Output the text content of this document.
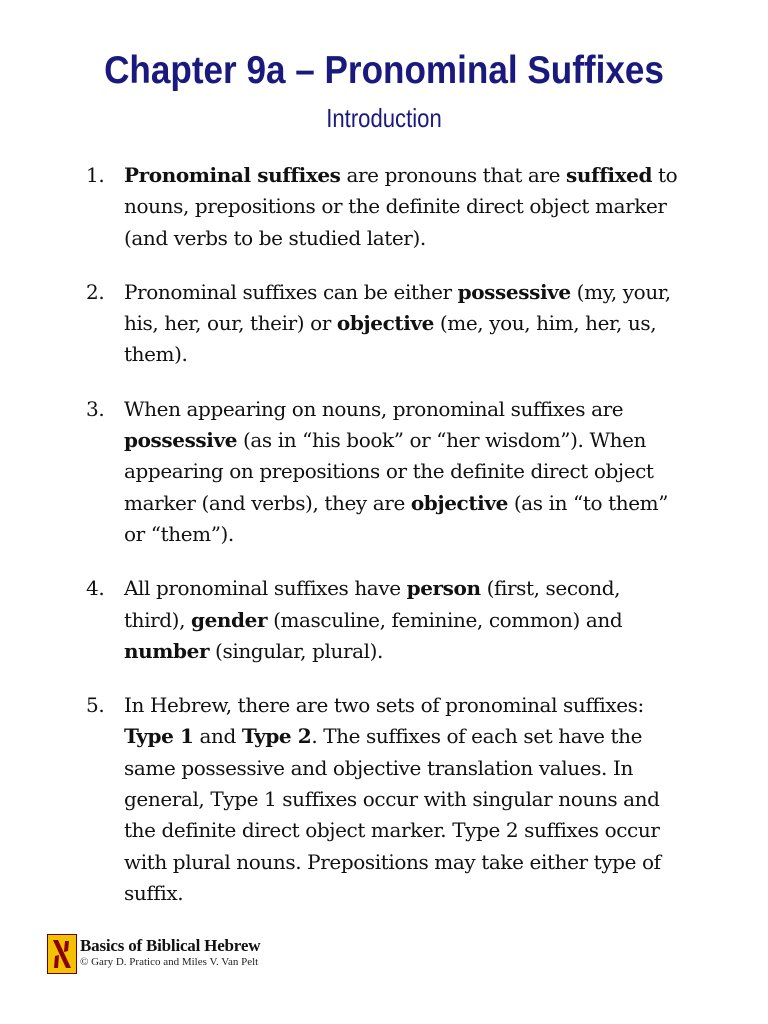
Chapter 9a – Pronominal Suffixes
Introduction
1. Pronominal suffixes are pronouns that are suffixed to nouns, prepositions or the definite direct object marker (and verbs to be studied later).
2. Pronominal suffixes can be either possessive (my, your, his, her, our, their) or objective (me, you, him, her, us, them).
3. When appearing on nouns, pronominal suffixes are possessive (as in “his book” or “her wisdom”). When appearing on prepositions or the definite direct object marker (and verbs), they are objective (as in “to them” or “them”).
4. All pronominal suffixes have person (first, second, third), gender (masculine, feminine, common) and number (singular, plural).
5. In Hebrew, there are two sets of pronominal suffixes: Type 1 and Type 2. The suffixes of each set have the same possessive and objective translation values. In general, Type 1 suffixes occur with singular nouns and the definite direct object marker. Type 2 suffixes occur with plural nouns. Prepositions may take either type of suffix.
Basics of Biblical Hebrew
© Gary D. Pratico and Miles V. Van Pelt
